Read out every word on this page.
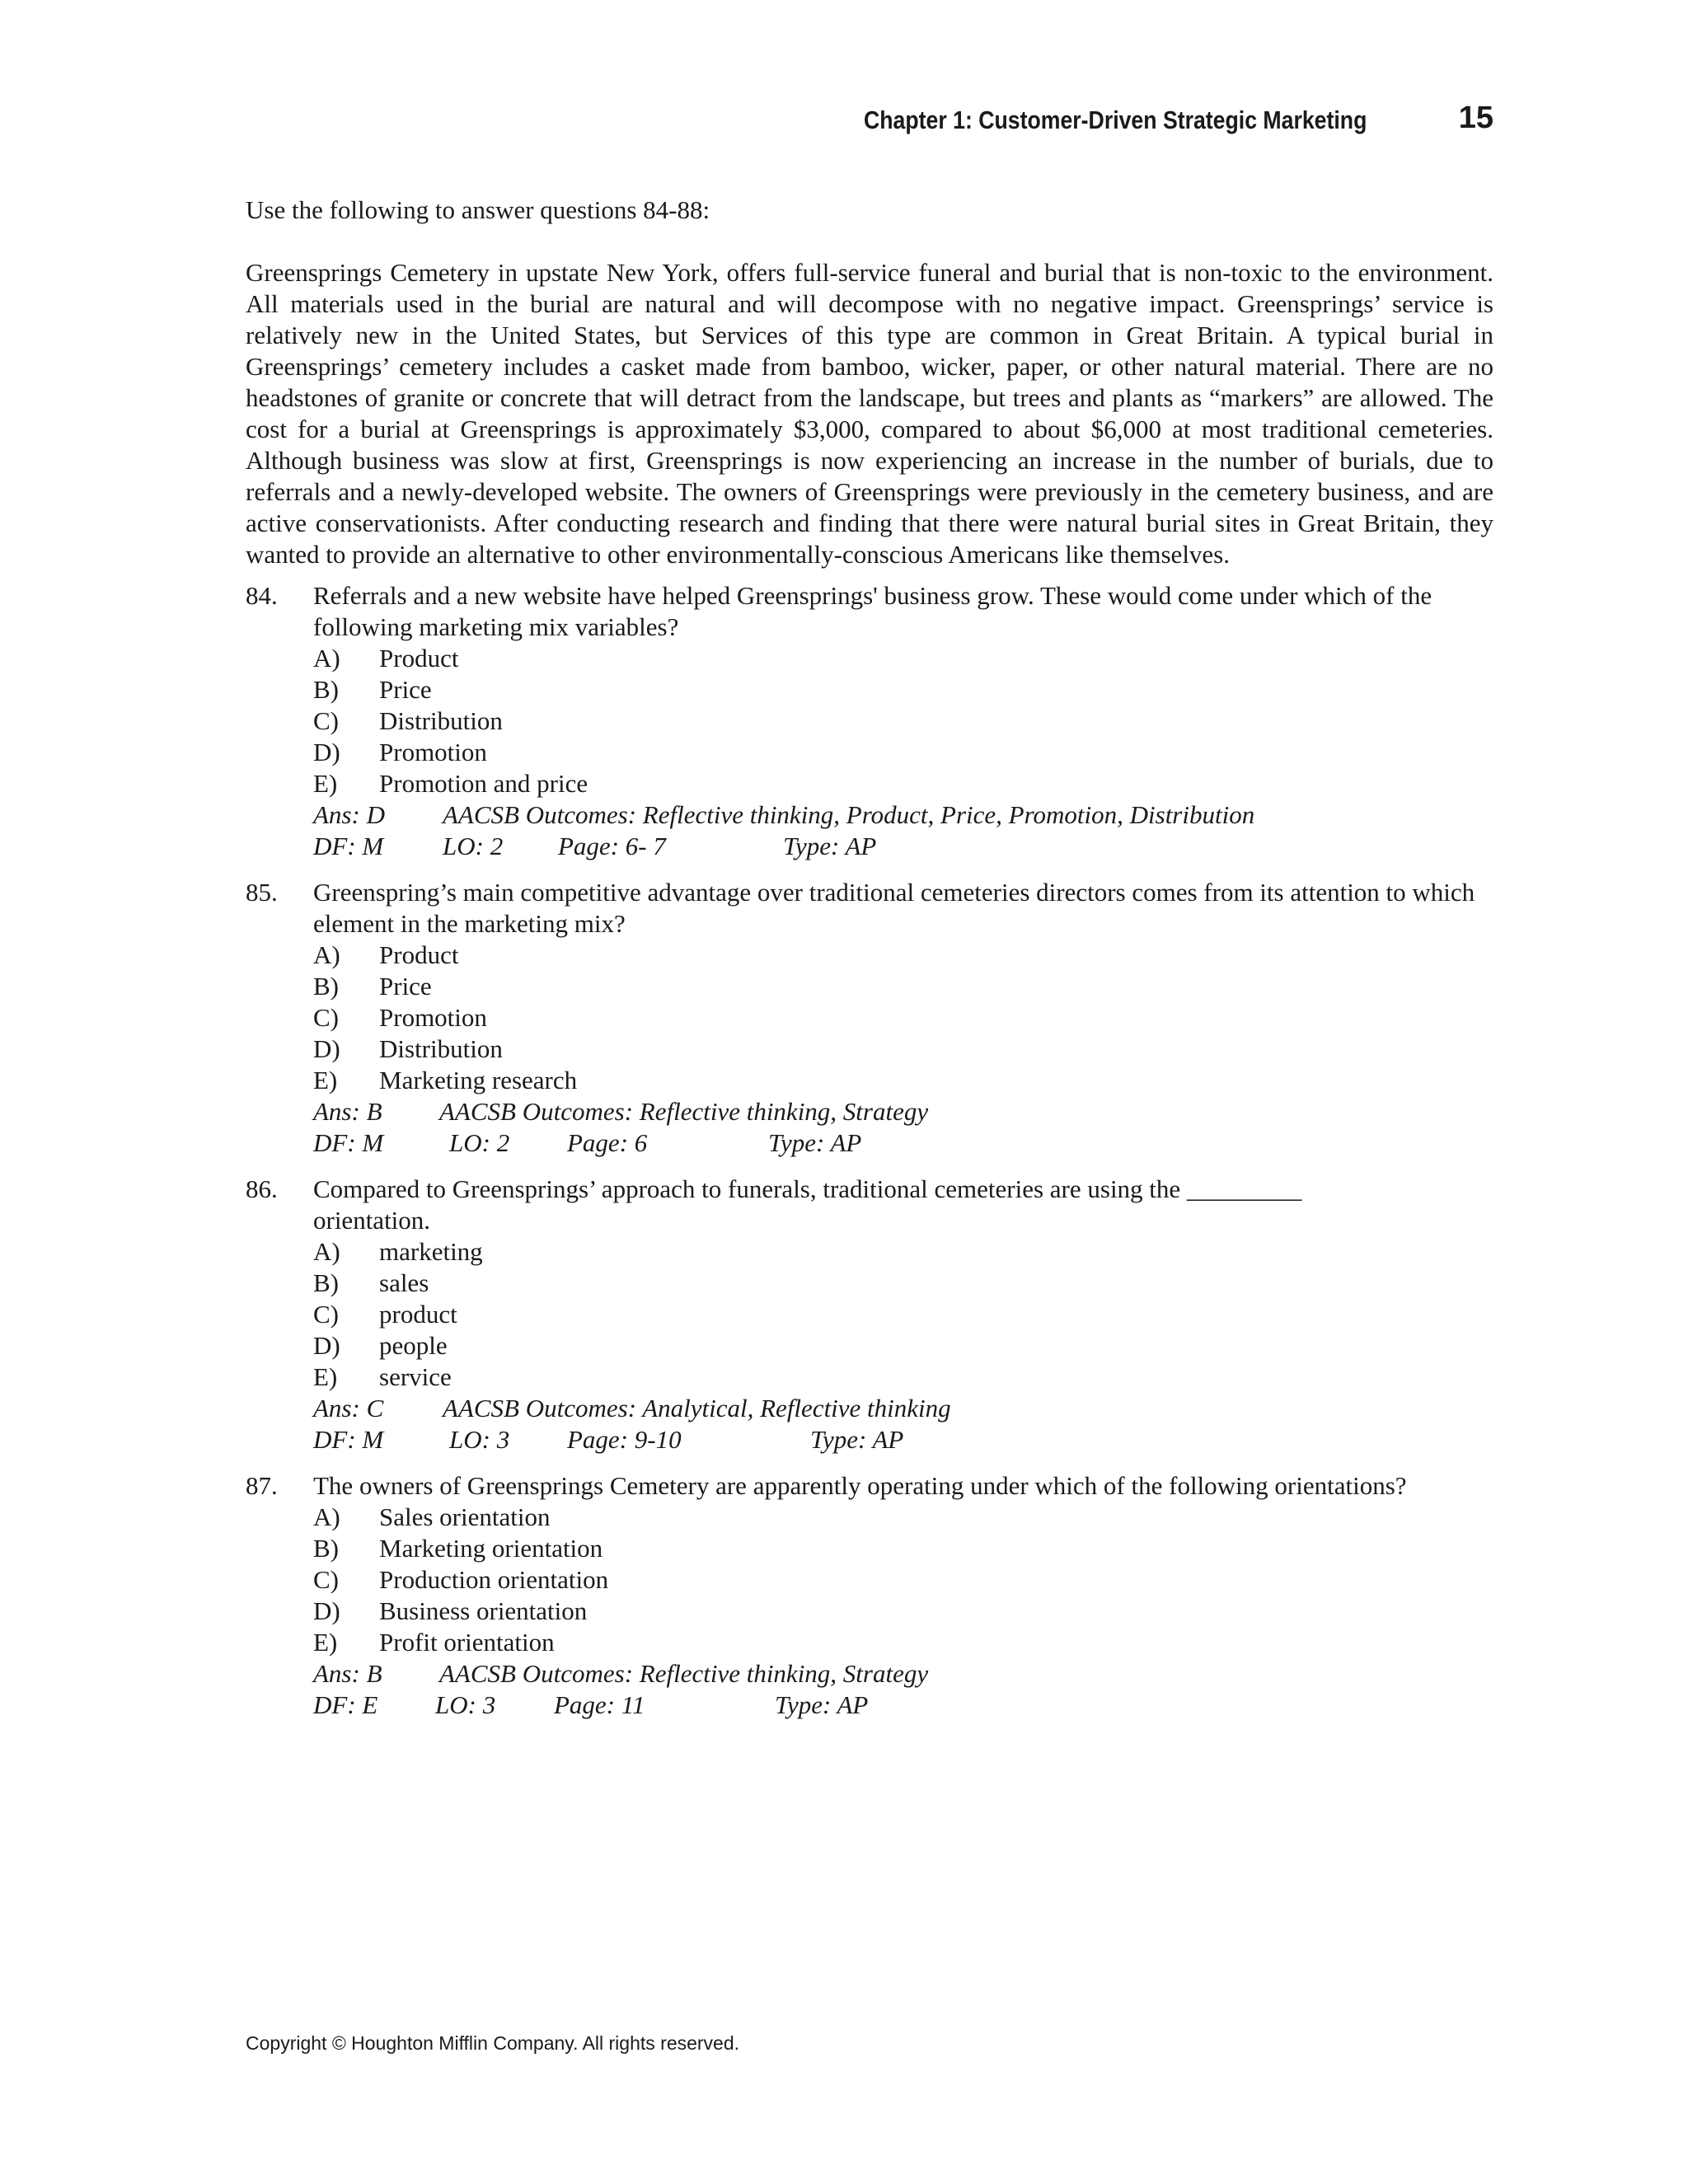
Chapter 1: Customer-Driven Strategic Marketing	15

Use the following to answer questions 84-88:

Greensprings Cemetery in upstate New York, offers full-service funeral and burial that is non-toxic to the environment. All materials used in the burial are natural and will decompose with no negative impact. Greensprings’ service is relatively new in the United States, but Services of this type are common in Great Britain. A typical burial in Greensprings’ cemetery includes a casket made from bamboo, wicker, paper, or other natural material. There are no headstones of granite or concrete that will detract from the landscape, but trees and plants as “markers” are allowed. The cost for a burial at Greensprings is approximately $3,000, compared to about $6,000 at most traditional cemeteries. Although business was slow at first, Greensprings is now experiencing an increase in the number of burials, due to referrals and a newly-developed website. The owners of Greensprings were previously in the cemetery business, and are active conservationists. After conducting research and finding that there were natural burial sites in Great Britain, they wanted to provide an alternative to other environmentally-conscious Americans like themselves.

84. Referrals and a new website have helped Greensprings' business grow. These would come under which of the following marketing mix variables?

A) Product
B) Price
C) Distribution
D) Promotion
E) Promotion and price
Ans: D AACSB Outcomes: Reflective thinking, Product, Price, Promotion, Distribution
DF: M LO: 2 Page: 6- 7	Type: AP
85. Greenspring’s main competitive advantage over traditional cemeteries directors comes from its attention to which element in the marketing mix?

A) Product
B) Price
C) Promotion
D) Distribution
E) Marketing research
Ans: B AACSB Outcomes: Reflective thinking, Strategy
DF: M	LO: 2 Page: 6	Type: AP
86. Compared to Greensprings’ approach to funerals, traditional cemeteries are using the _________ orientation.

A) marketing
B) sales
C) product
D) people
E) service
Ans: C AACSB Outcomes: Analytical, Reflective thinking
DF: M	LO: 3 Page: 9-10	Type: AP
87. The owners of Greensprings Cemetery are apparently operating under which of the following orientations?

A) Sales orientation
B) Marketing orientation
C) Production orientation
D) Business orientation
E) Profit orientation
Ans: B AACSB Outcomes: Reflective thinking, Strategy
DF: E LO: 3 Page: 11	Type: AP
Copyright © Houghton Mifflin Company. All rights reserved.
